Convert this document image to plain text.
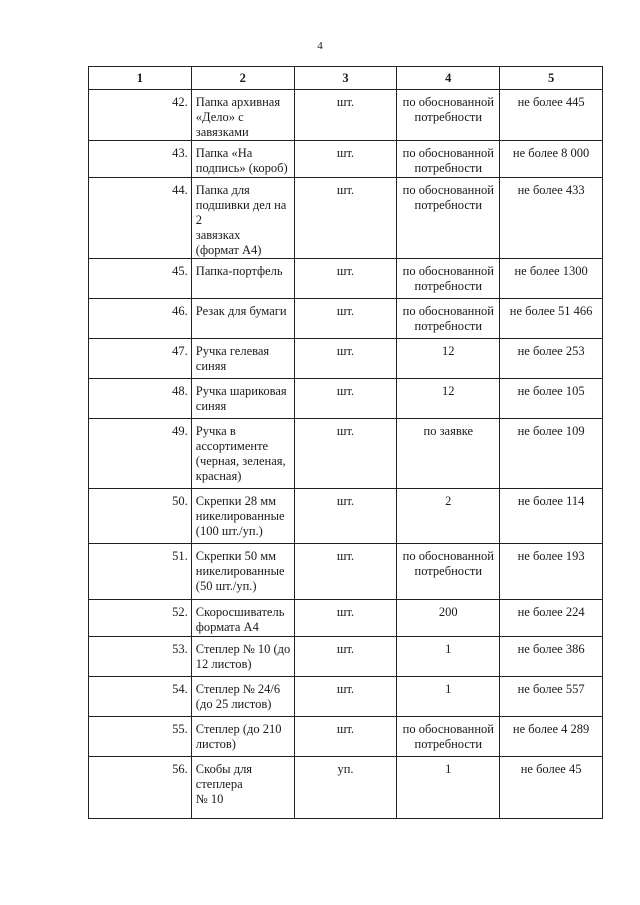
4
1	2	3	4	5

42.	Папка архивная
«Дело» с завязками	шт.	по обоснованной потребности	не более 445

43.	Папка «На
подпись» (короб)	шт.	по обоснованной потребности	не более 8 000

44.	Папка для
подшивки дел на 2
завязках
(формат А4)	шт.	по обоснованной потребности	не более 433

45.	Папка-портфель	шт.	по обоснованной потребности	не более 1300

46.	Резак для бумаги	шт.	по обоснованной потребности	не более 51 466

47.	Ручка гелевая
синяя	шт.	12	не более 253

48.	Ручка шариковая
синяя	шт.	12	не более 105

49.	Ручка в
ассортименте
(черная, зеленая,
красная)	шт.	по заявке	не более 109

50.	Скрепки 28 мм
никелированные
(100 шт./уп.)	шт.	2	не более 114

51.	Скрепки 50 мм
никелированные
(50 шт./уп.)	шт.	по обоснованной потребности	не более 193

52.	Скоросшиватель
формата А4	шт.	200	не более 224

53.	Степлер № 10 (до
12 листов)	шт.	1	не более 386

54.	Степлер № 24/6
(до 25 листов)	шт.	1	не более 557

55.	Степлер (до 210
листов)	шт.	по обоснованной потребности	не более 4 289

56.	Скобы для
степлера
№ 10	уп.	1	не более 45
